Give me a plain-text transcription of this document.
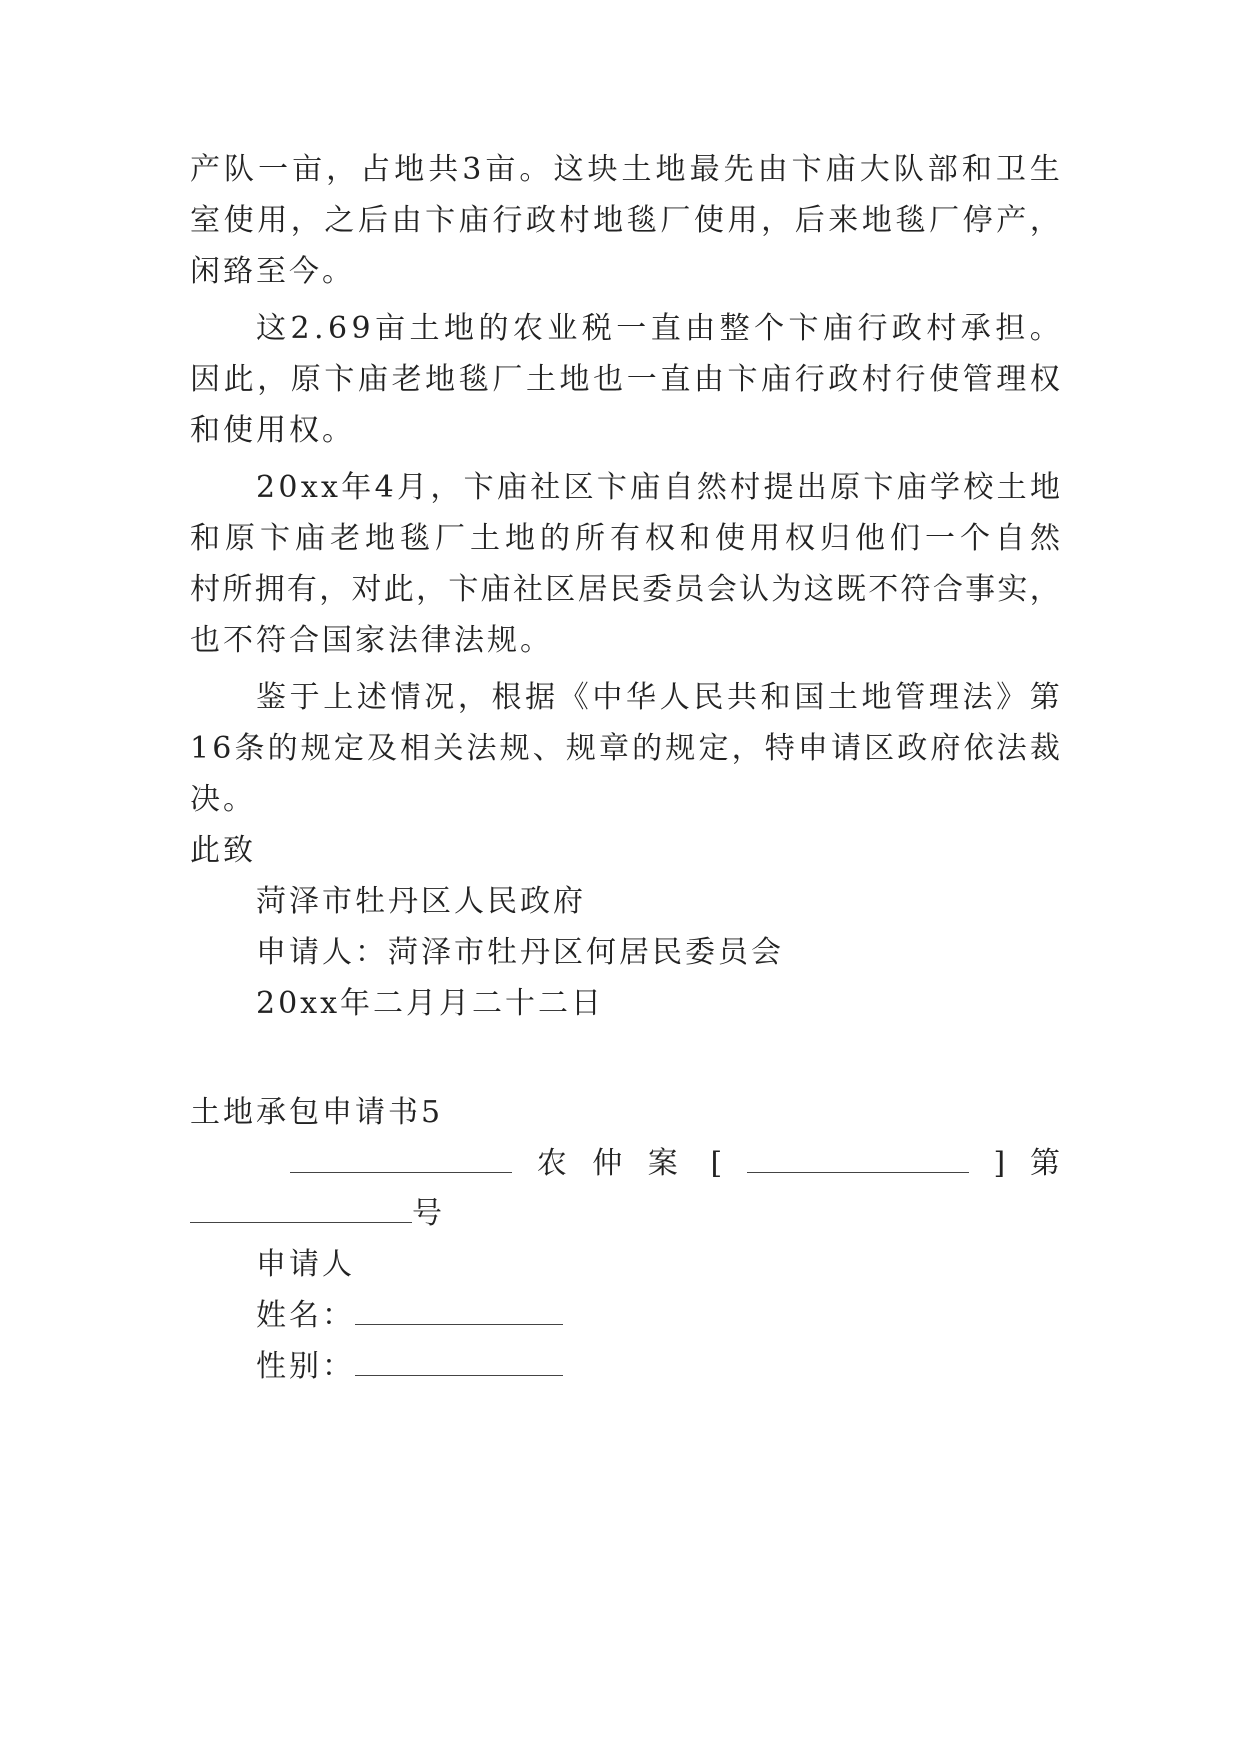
产 队 一 亩 ， 占 地 共 3 亩 。 这 块 土 地 最 先 由 卞 庙 大 队 部 和 卫 生
室 使 用 ， 之 后 由 卞 庙 行 政 村 地 毯 厂 使 用 ， 后 来 地 毯 厂 停 产 ，
闲臵至今。
这 2 . 6 9 亩 土 地 的 农 业 税 一 直 由 整 个 卞 庙 行 政 村 承 担 。
因 此 ， 原 卞 庙 老 地 毯 厂 土 地 也 一 直 由 卞 庙 行 政 村 行 使 管 理 权
和使用权。
2 0 x x 年 4 月 ， 卞 庙 社 区 卞 庙 自 然 村 提 出 原 卞 庙 学 校 土 地
和 原 卞 庙 老 地 毯 厂 土 地 的 所 有 权 和 使 用 权 归 他 们 一 个 自 然
村 所 拥 有 ， 对 此 ， 卞 庙 社 区 居 民 委 员 会 认 为 这 既 不 符 合 事 实 ，
也不符合国家法律法规。
鉴 于 上 述 情 况 ， 根 据 《 中 华 人 民 共 和 国 土 地 管 理 法 》 第
1 6 条 的 规 定 及 相 关 法 规 、 规 章 的 规 定 ， 特 申 请 区 政 府 依 法 裁
决。
此致
菏泽市牡丹区人民政府
申请人：菏泽市牡丹区何居民委员会
20xx年二月月二十二日
土地承包申请书5
农 仲 案 [	] 第
号
申请人
姓名：
性别：
